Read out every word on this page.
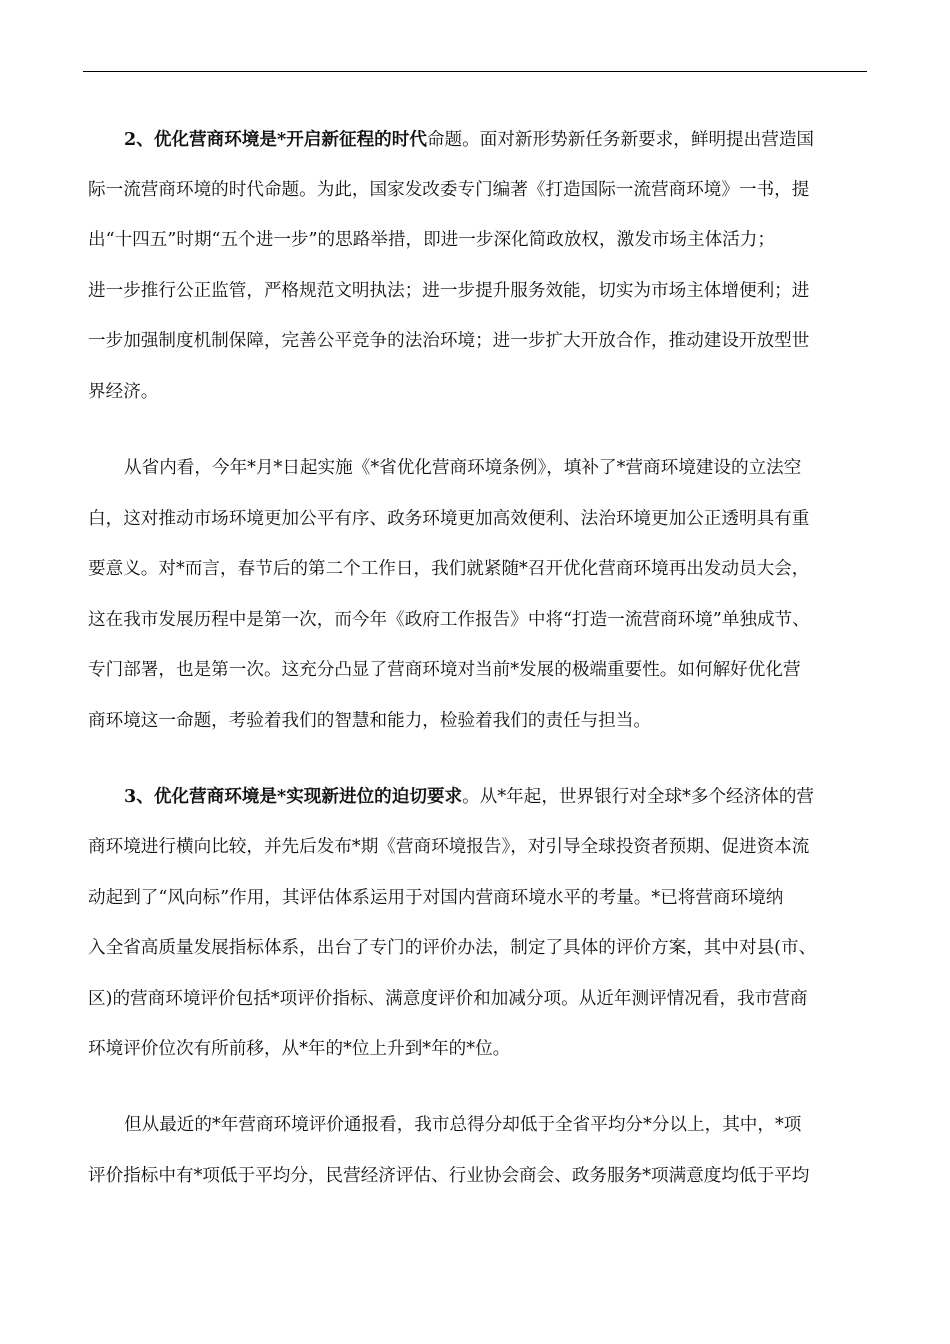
2、优化营商环境是*开启新征程的时代命题。面对新形势新任务新要求，鲜明提出营造国
际一流营商环境的时代命题。为此，国家发改委专门编著《打造国际一流营商环境》一书，提
出“十四五”时期“五个进一步”的思路举措，即进一步深化简政放权，激发市场主体活力；
进一步推行公正监管，严格规范文明执法；进一步提升服务效能，切实为市场主体增便利；进
一步加强制度机制保障，完善公平竞争的法治环境；进一步扩大开放合作，推动建设开放型世
界经济。
从省内看，今年*月*日起实施《*省优化营商环境条例》，填补了*营商环境建设的立法空
白，这对推动市场环境更加公平有序、政务环境更加高效便利、法治环境更加公正透明具有重
要意义。对*而言，春节后的第二个工作日，我们就紧随*召开优化营商环境再出发动员大会，
这在我市发展历程中是第一次，而今年《政府工作报告》中将“打造一流营商环境”单独成节、
专门部署，也是第一次。这充分凸显了营商环境对当前*发展的极端重要性。如何解好优化营
商环境这一命题，考验着我们的智慧和能力，检验着我们的责任与担当。
3、优化营商环境是*实现新进位的迫切要求。从*年起，世界银行对全球*多个经济体的营
商环境进行横向比较，并先后发布*期《营商环境报告》，对引导全球投资者预期、促进资本流
动起到了“风向标”作用，其评估体系运用于对国内营商环境水平的考量。*已将营商环境纳
入全省高质量发展指标体系，出台了专门的评价办法，制定了具体的评价方案，其中对县(市、
区)的营商环境评价包括*项评价指标、满意度评价和加减分项。从近年测评情况看，我市营商
环境评价位次有所前移，从*年的*位上升到*年的*位。
但从最近的*年营商环境评价通报看，我市总得分却低于全省平均分*分以上，其中，*项
评价指标中有*项低于平均分，民营经济评估、行业协会商会、政务服务*项满意度均低于平均
